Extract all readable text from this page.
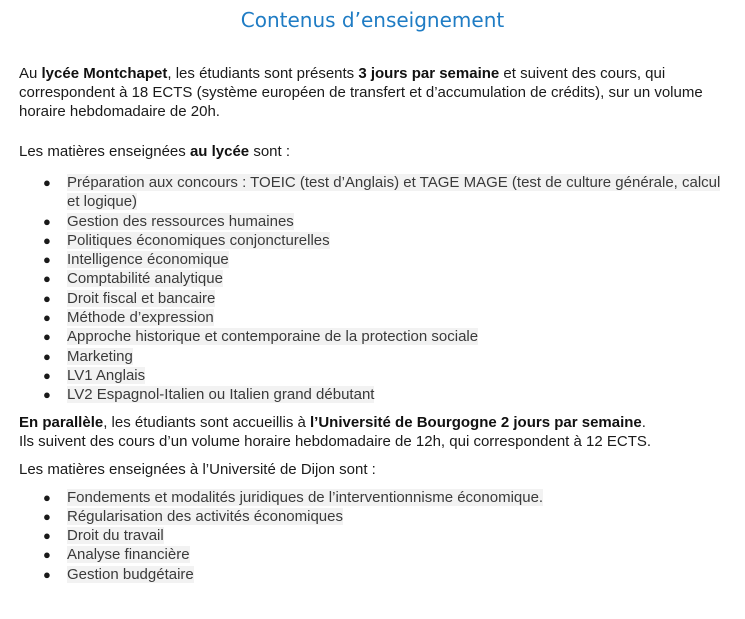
Contenus d’enseignement

Au lycée Montchapet, les étudiants sont présents 3 jours par semaine et suivent des cours, qui correspondent à 18 ECTS (système européen de transfert et d’accumulation de crédits), sur un volume horaire hebdomadaire de 20h.

Les matières enseignées au lycée sont :

● Préparation aux concours : TOEIC (test d’Anglais) et TAGE MAGE (test de culture générale, calcul et logique)
● Gestion des ressources humaines
● Politiques économiques conjoncturelles
● Intelligence économique
● Comptabilité analytique
● Droit fiscal et bancaire
● Méthode d’expression
● Approche historique et contemporaine de la protection sociale
● Marketing
● LV1 Anglais
● LV2 Espagnol-Italien ou Italien grand débutant

En parallèle, les étudiants sont accueillis à l’Université de Bourgogne 2 jours par semaine.
Ils suivent des cours d’un volume horaire hebdomadaire de 12h, qui correspondent à 12 ECTS.

Les matières enseignées à l’Université de Dijon sont :

● Fondements et modalités juridiques de l’interventionnisme économique.
● Régularisation des activités économiques
● Droit du travail
● Analyse financière
● Gestion budgétaire
